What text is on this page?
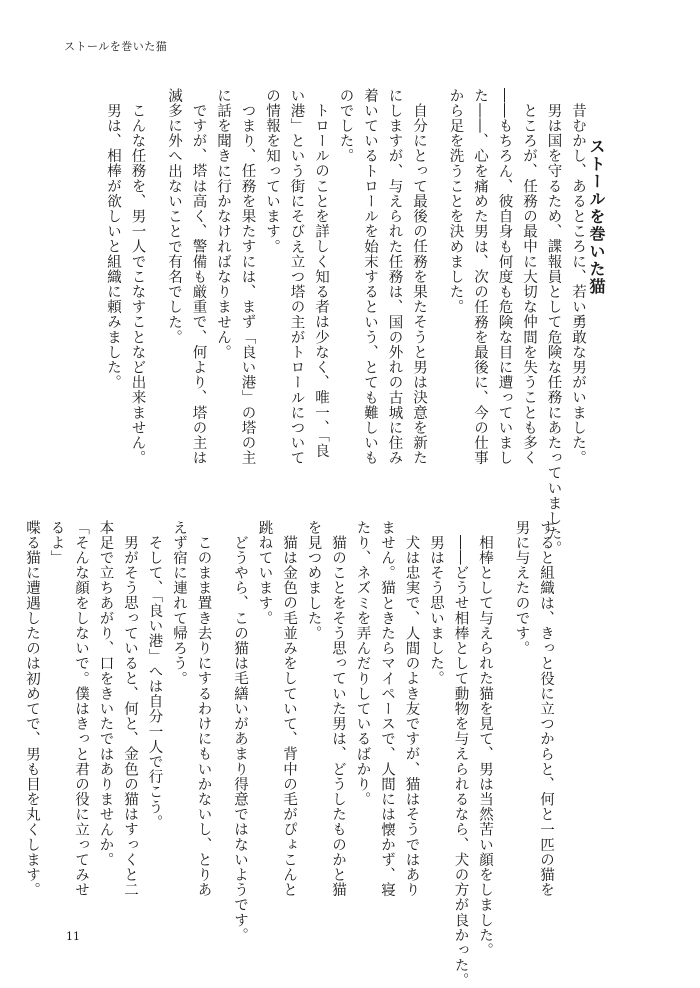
ストールを巻いた猫
ストールを巻いた猫

昔むかし、あるところに、若い勇敢な男がいました。

男は国を守るため、諜報員として危険な任務にあたっていました。

ところが、任務の最中に大切な仲間を失うことも多く――もちろん、彼自身も何度も危険な目に遭っていました――、心を痛めた男は、次の任務を最後に、今の仕事から足を洗うことを決めました。

自分にとって最後の任務を果たそうと男は決意を新たにしますが、与えられた任務は、国の外れの古城に住み着いているトロールを始末するという、とても難しいものでした。

トロールのことを詳しく知る者は少なく、唯一、「良い港」という街にそびえ立つ塔の主がトロールについての情報を知っています。

つまり、任務を果たすには、まず「良い港」の塔の主に話を聞きに行かなければなりません。

ですが、塔は高く、警備も厳重で、何より、塔の主は滅多に外へ出ないことで有名でした。

こんな任務を、男一人でこなすことなど出来ません。

男は、相棒が欲しいと組織に頼みました。

すると組織は、きっと役に立つからと、何と一匹の猫を男に与えたのです。

相棒として与えられた猫を見て、男は当然苦い顔をしました。

――どうせ相棒として動物を与えられるなら、犬の方が良かった。

男はそう思いました。

犬は忠実で、人間のよき友ですが、猫はそうではありません。猫ときたらマイペースで、人間には懐かず、寝たり、ネズミを弄んだりしているばかり。

猫のことをそう思っていた男は、どうしたものかと猫を見つめました。

猫は金色の毛並みをしていて、背中の毛がぴょこんと跳ねています。

どうやら、この猫は毛繕いがあまり得意ではないようです。

このまま置き去りにするわけにもいかないし、とりあえず宿に連れて帰ろう。

そして、「良い港」へは自分一人で行こう。

男がそう思っていると、何と、金色の猫はすっくと二本足で立ちあがり、口をきいたではありませんか。

「そんな顔をしないで。僕はきっと君の役に立ってみせるよ」

喋る猫に遭遇したのは初めてで、男も目を丸くします。

11
